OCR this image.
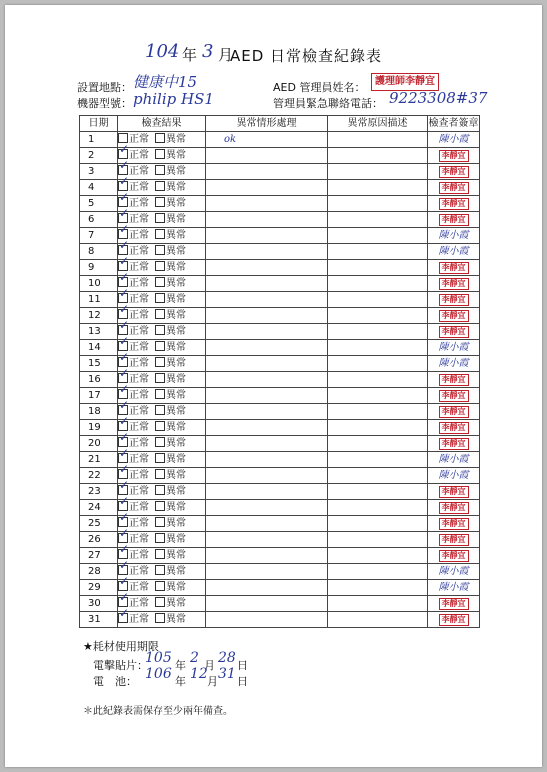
104 年 3 月
AED 日常檢查紀錄表
設置地點： 健康中15
機器型號： philip HS1
AED 管理員姓名： 護理師李靜宜
管理員緊急聯絡電話： 9223308#37
日期	檢查結果	異常情形處理	異常原因描述	檢查者簽章
1	正常 異常	ok		陳小霞
2	✓正常 異常			李靜宜
3	✓正常 異常			李靜宜
4	✓正常 異常			李靜宜
5	✓正常 異常			李靜宜
6	✓正常 異常			李靜宜
7	✓正常 異常			陳小霞
8	✓正常 異常			陳小霞
9	✓正常 異常			李靜宜
10	✓正常 異常			李靜宜
11	✓正常 異常			李靜宜
12	✓正常 異常			李靜宜
13	✓正常 異常			李靜宜
14	✓正常 異常			陳小霞
15	✓正常 異常			陳小霞
16	✓正常 異常			李靜宜
17	✓正常 異常			李靜宜
18	✓正常 異常			李靜宜
19	✓正常 異常			李靜宜
20	✓正常 異常			李靜宜
21	✓正常 異常			陳小霞
22	✓正常 異常			陳小霞
23	✓正常 異常			李靜宜
24	✓正常 異常			李靜宜
25	✓正常 異常			李靜宜
26	✓正常 異常			李靜宜
27	✓正常 異常			李靜宜
28	✓正常 異常			陳小霞
29	✓正常 異常			陳小霞
30	✓正常 異常			李靜宜
31	✓正常 異常			李靜宜
★耗材使用期限
電擊貼片：
105 年 2 月 28 日
電　池： 106 年 12 月 31 日
＊此紀錄表需保存至少兩年備查。
